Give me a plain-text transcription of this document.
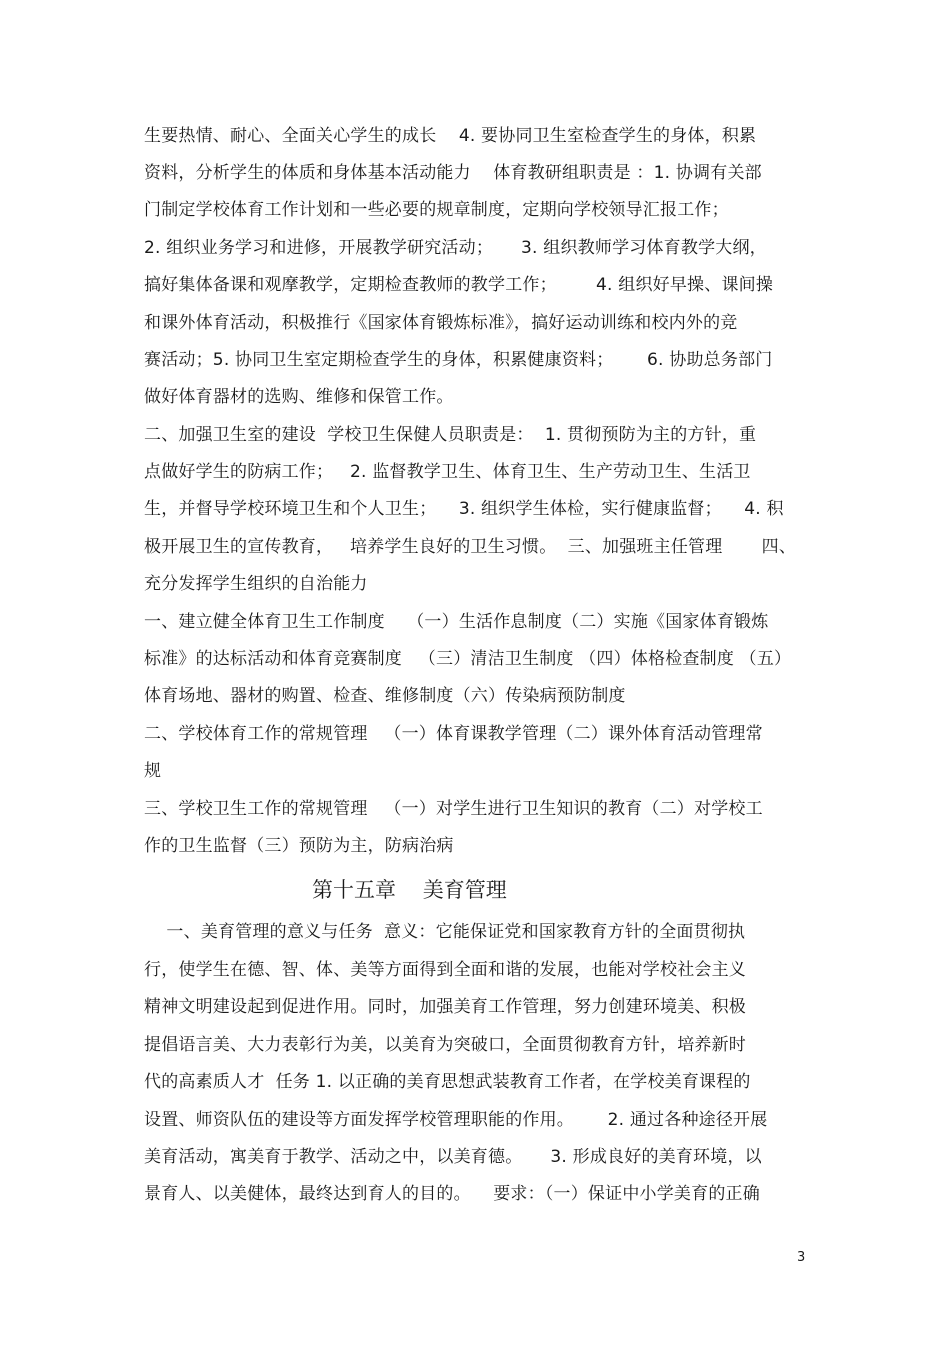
生要热情、耐心、全面关心学生的成长    4. 要协同卫生室检查学生的身体，积累
资料，分析学生的体质和身体基本活动能力    体育教研组职责是 ：1. 协调有关部
门制定学校体育工作计划和一些必要的规章制度，定期向学校领导汇报工作；
2. 组织业务学习和进修，开展教学研究活动；     3. 组织教师学习体育教学大纲，
搞好集体备课和观摩教学，定期检查教师的教学工作；       4. 组织好早操、课间操
和课外体育活动，积极推行《国家体育锻炼标准》，搞好运动训练和校内外的竞
赛活动；5. 协同卫生室定期检查学生的身体，积累健康资料；      6. 协助总务部门
做好体育器材的选购、维修和保管工作。
二、加强卫生室的建设  学校卫生保健人员职责是：  1. 贯彻预防为主的方针，重
点做好学生的防病工作；   2. 监督教学卫生、体育卫生、生产劳动卫生、生活卫
生，并督导学校环境卫生和个人卫生；    3. 组织学生体检，实行健康监督；    4. 积
极开展卫生的宣传教育，   培养学生良好的卫生习惯。  三、加强班主任管理       四、
充分发挥学生组织的自治能力
一、建立健全体育卫生工作制度    （一）生活作息制度（二）实施《国家体育锻炼
标准》的达标活动和体育竞赛制度   （三）清洁卫生制度 （四）体格检查制度 （五）
体育场地、器材的购置、检查、维修制度（六）传染病预防制度
二、学校体育工作的常规管理   （一）体育课教学管理（二）课外体育活动管理常
规
三、学校卫生工作的常规管理   （一）对学生进行卫生知识的教育（二）对学校工
作的卫生监督（三）预防为主，防病治病
第十五章    美育管理
一、美育管理的意义与任务  意义：它能保证党和国家教育方针的全面贯彻执
行，使学生在德、智、体、美等方面得到全面和谐的发展，也能对学校社会主义
精神文明建设起到促进作用。同时，加强美育工作管理，努力创建环境美、积极
提倡语言美、大力表彰行为美，以美育为突破口，全面贯彻教育方针，培养新时
代的高素质人才  任务 1. 以正确的美育思想武装教育工作者，在学校美育课程的
设置、师资队伍的建设等方面发挥学校管理职能的作用。      2. 通过各种途径开展
美育活动，寓美育于教学、活动之中，以美育德。     3. 形成良好的美育环境，以
景育人、以美健体，最终达到育人的目的。    要求：（一）保证中小学美育的正确
3
